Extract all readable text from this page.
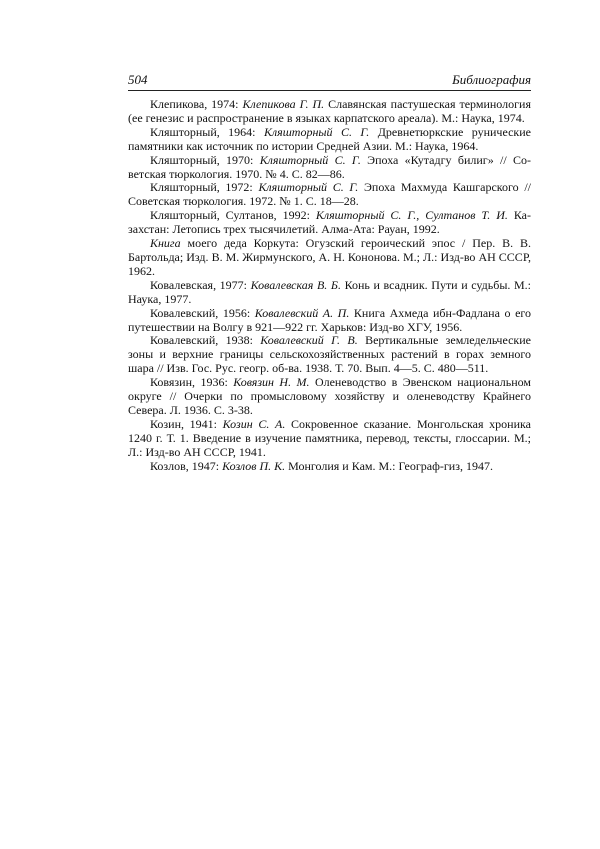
504	Библиография

Клепикова, 1974: Клепикова Г. П. Славянская пастушеская терминология (ее генезис и распространение в языках карпатского ареала). М.: Наука, 1974.

Кляшторный, 1964: Кляшторный С. Г. Древнетюркские рунические памятники как источник по истории Средней Азии. М.: Наука, 1964.

Кляшторный, 1970: Кляшторный С. Г. Эпоха «Кутадгу билиг» // Советская тюркология. 1970. № 4. С. 82—86.

Кляшторный, 1972: Кляшторный С. Г. Эпоха Махмуда Кашгарского // Советская тюркология. 1972. № 1. С. 18—28.

Кляшторный, Султанов, 1992: Кляшторный С. Г., Султанов Т. И. Казахстан: Летопись трех тысячилетий. Алма-Ата: Рауан, 1992.

Книга моего деда Коркута: Огузский героический эпос / Пер. В. В. Бартольда; Изд. В. М. Жирмунского, А. Н. Кононова. М.; Л.: Изд-во АН СССР, 1962.

Ковалевская, 1977: Ковалевская В. Б. Конь и всадник. Пути и судьбы. М.: Наука, 1977.

Ковалевский, 1956: Ковалевский А. П. Книга Ахмеда ибн-Фадлана о его путешествии на Волгу в 921—922 гг. Харьков: Изд-во ХГУ, 1956.

Ковалевский, 1938: Ковалевский Г. В. Вертикальные земледельческие зоны и верхние границы сельскохозяйственных растений в горах земного шара // Изв. Гос. Рус. геогр. об-ва. 1938. Т. 70. Вып. 4—5. С. 480—511.

Ковязин, 1936: Ковязин Н. М. Оленеводство в Эвенском национальном округе // Очерки по промысловому хозяйству и оленеводству Крайнего Севера. Л. 1936. С. 3-38.

Козин, 1941: Козин С. А. Сокровенное сказание. Монгольская хроника 1240 г. Т. 1. Введение в изучение памятника, перевод, тексты, глоссарии. М.; Л.: Изд-во АН СССР, 1941.

Козлов, 1947: Козлов П. К. Монголия и Кам. М.: Географ-гиз, 1947.
